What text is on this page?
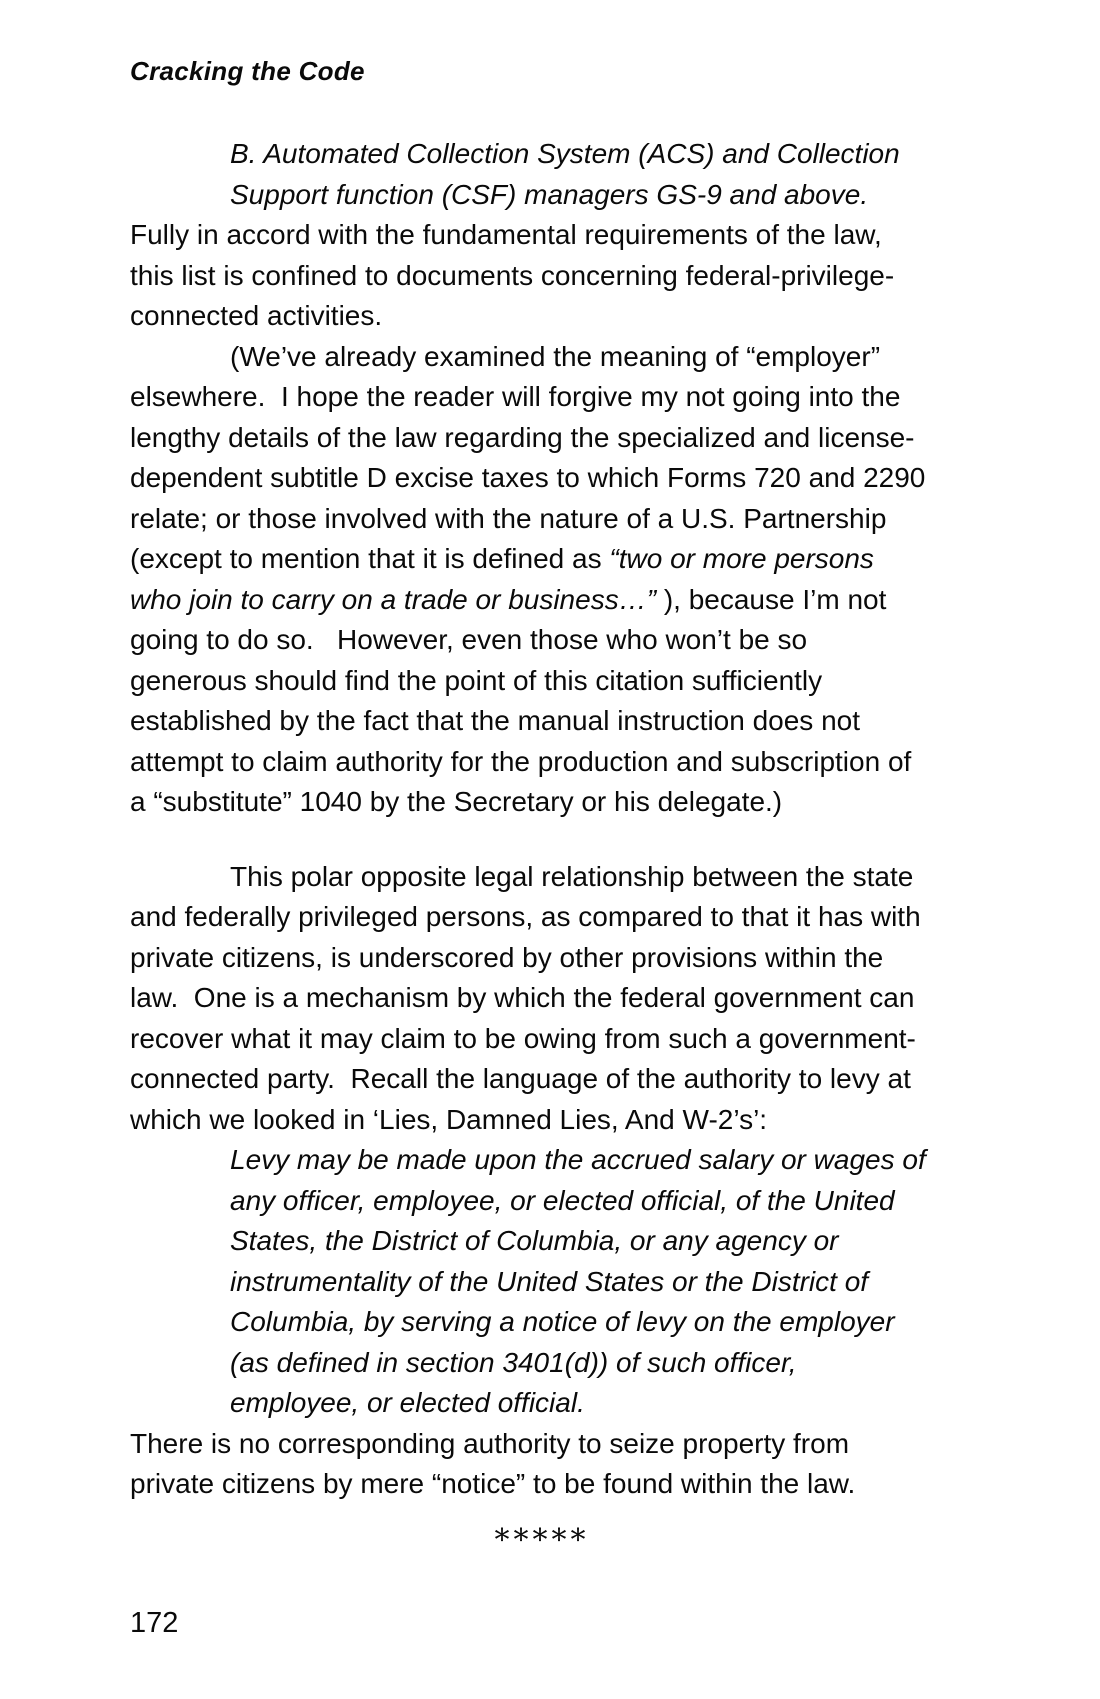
Cracking the Code
B. Automated Collection System (ACS) and Collection
Support function (CSF) managers GS-9 and above.
Fully in accord with the fundamental requirements of the law,
this list is confined to documents concerning federal-privilege-
connected activities.
(We’ve already examined the meaning of “employer”
elsewhere.  I hope the reader will forgive my not going into the
lengthy details of the law regarding the specialized and license-
dependent subtitle D excise taxes to which Forms 720 and 2290
relate; or those involved with the nature of a U.S. Partnership
(except to mention that it is defined as “two or more persons
who join to carry on a trade or business…” ), because I’m not
going to do so.   However, even those who won’t be so
generous should find the point of this citation sufficiently
established by the fact that the manual instruction does not
attempt to claim authority for the production and subscription of
a “substitute” 1040 by the Secretary or his delegate.)
This polar opposite legal relationship between the state
and federally privileged persons, as compared to that it has with
private citizens, is underscored by other provisions within the
law.  One is a mechanism by which the federal government can
recover what it may claim to be owing from such a government-
connected party.  Recall the language of the authority to levy at
which we looked in ‘Lies, Damned Lies, And W-2’s’:
Levy may be made upon the accrued salary or wages of
any officer, employee, or elected official, of the United
States, the District of Columbia, or any agency or
instrumentality of the United States or the District of
Columbia, by serving a notice of levy on the employer
(as defined in section 3401(d)) of such officer,
employee, or elected official.
There is no corresponding authority to seize property from
private citizens by mere “notice” to be found within the law.
*****
172
